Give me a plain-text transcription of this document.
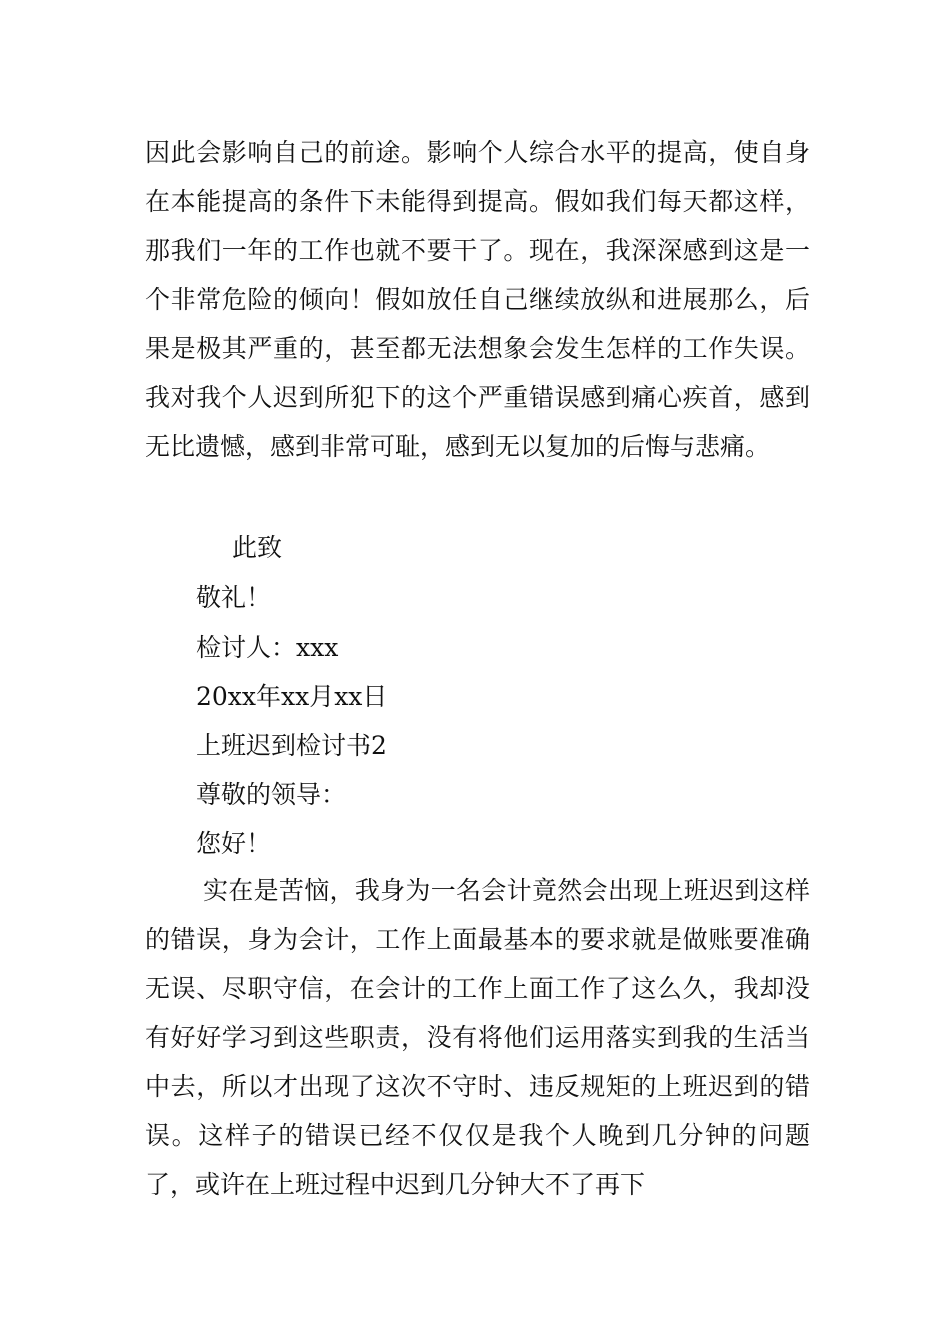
因此会影响自己的前途。影响个人综合水平的提高，使自身在本能提高的条件下未能得到提高。假如我们每天都这样，那我们一年的工作也就不要干了。现在，我深深感到这是一个非常危险的倾向！假如放任自己继续放纵和进展那么，后果是极其严重的，甚至都无法想象会发生怎样的工作失误。我对我个人迟到所犯下的这个严重错误感到痛心疾首，感到无比遗憾，感到非常可耻，感到无以复加的后悔与悲痛。
此致
敬礼！
检讨人：xxx
20xx年xx月xx日
上班迟到检讨书2
尊敬的领导：
您好！
实在是苦恼，我身为一名会计竟然会出现上班迟到这样的错误，身为会计，工作上面最基本的要求就是做账要准确无误、尽职守信，在会计的工作上面工作了这么久，我却没有好好学习到这些职责，没有将他们运用落实到我的生活当中去，所以才出现了这次不守时、违反规矩的上班迟到的错误。这样子的错误已经不仅仅是我个人晚到几分钟的问题了，或许在上班过程中迟到几分钟大不了再下
